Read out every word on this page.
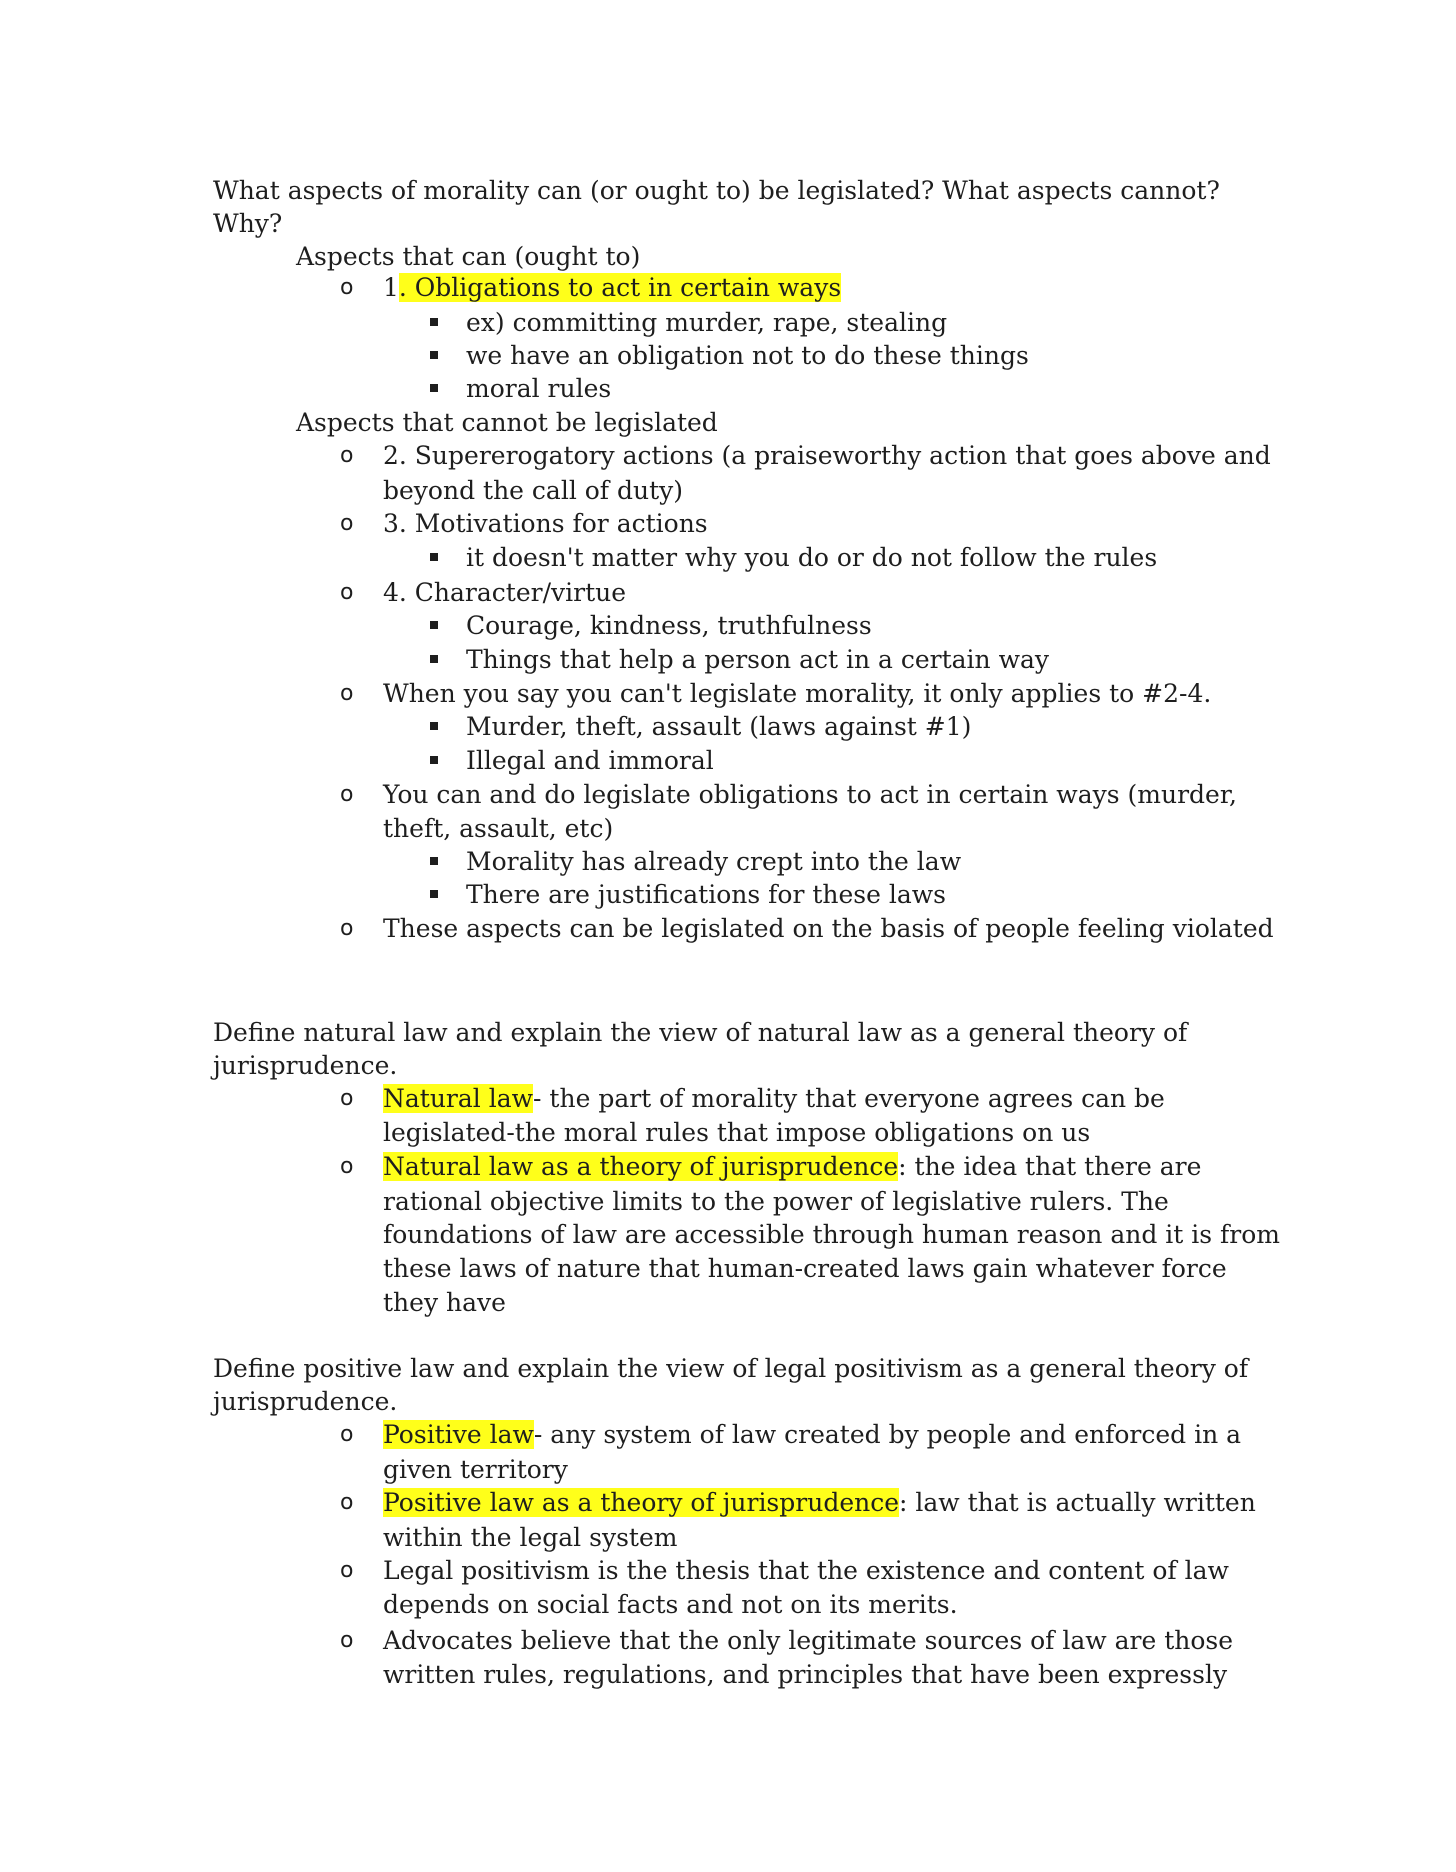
What aspects of morality can (or ought to) be legislated? What aspects cannot?
Why?
Aspects that can (ought to)
o 1. Obligations to act in certain ways
ex) committing murder, rape, stealing
we have an obligation not to do these things
moral rules
Aspects that cannot be legislated
o 2. Supererogatory actions (a praiseworthy action that goes above and
beyond the call of duty)
o 3. Motivations for actions
it doesn't matter why you do or do not follow the rules
o 4. Character/virtue
Courage, kindness, truthfulness
Things that help a person act in a certain way
o When you say you can't legislate morality, it only applies to #2-4.
Murder, theft, assault (laws against #1)
Illegal and immoral
o You can and do legislate obligations to act in certain ways (murder,
theft, assault, etc)
Morality has already crept into the law
There are justifications for these laws
o These aspects can be legislated on the basis of people feeling violated
Define natural law and explain the view of natural law as a general theory of
jurisprudence.
o Natural law- the part of morality that everyone agrees can be
legislated-the moral rules that impose obligations on us
o Natural law as a theory of jurisprudence: the idea that there are
rational objective limits to the power of legislative rulers. The
foundations of law are accessible through human reason and it is from
these laws of nature that human-created laws gain whatever force
they have
Define positive law and explain the view of legal positivism as a general theory of
jurisprudence.
o Positive law- any system of law created by people and enforced in a
given territory
o Positive law as a theory of jurisprudence: law that is actually written
within the legal system
o Legal positivism is the thesis that the existence and content of law
depends on social facts and not on its merits.
o Advocates believe that the only legitimate sources of law are those
written rules, regulations, and principles that have been expressly
